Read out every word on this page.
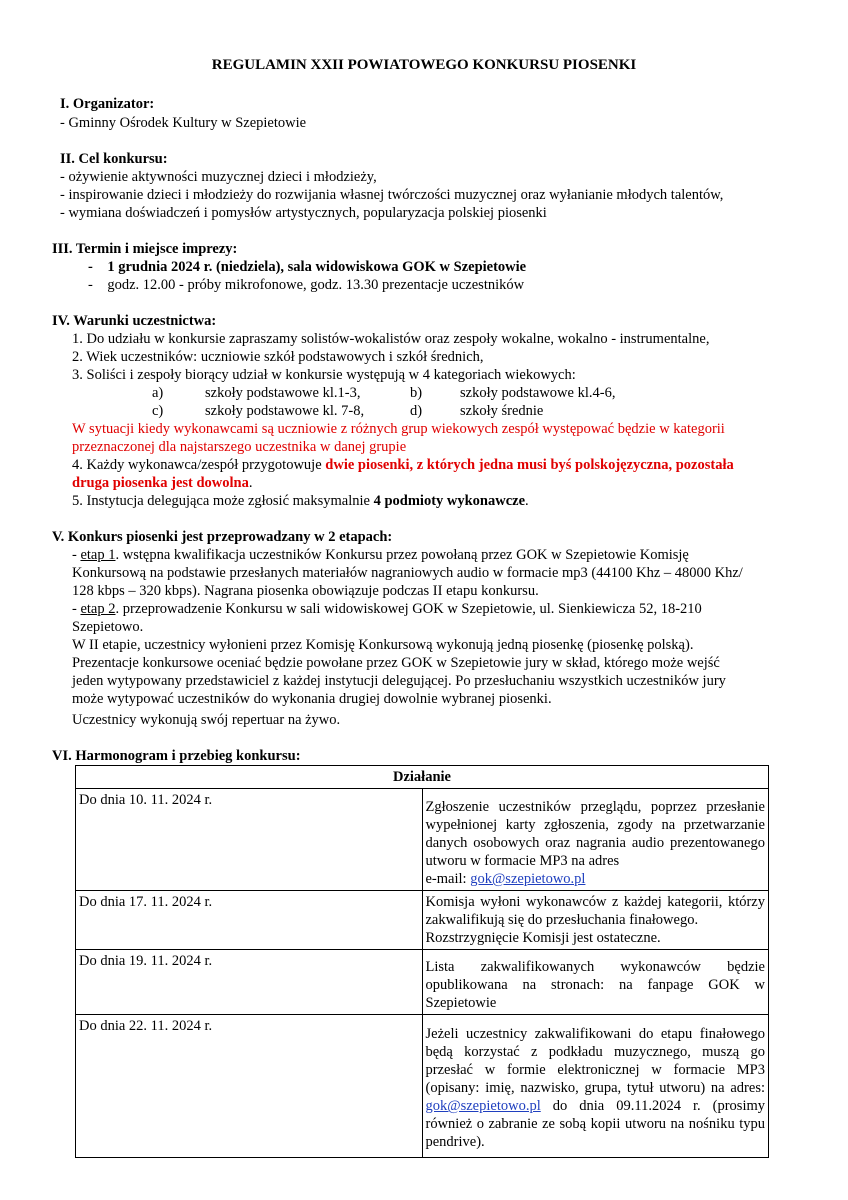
REGULAMIN XXII POWIATOWEGO KONKURSU PIOSENKI
I. Organizator:
- Gminny Ośrodek Kultury w Szepietowie
II. Cel konkursu:
- ożywienie aktywności muzycznej dzieci i młodzieży,
- inspirowanie dzieci i młodzieży do rozwijania własnej twórczości muzycznej oraz wyłanianie młodych talentów,
- wymiana doświadczeń i pomysłów artystycznych, popularyzacja polskiej piosenki
III. Termin i miejsce imprezy:
-    1 grudnia 2024 r. (niedziela), sala widowiskowa GOK w Szepietowie
-    godz. 12.00 - próby mikrofonowe, godz. 13.30 prezentacje uczestników
IV. Warunki uczestnictwa:
1. Do udziału w konkursie zapraszamy solistów-wokalistów oraz zespoły wokalne, wokalno - instrumentalne,
2. Wiek uczestników: uczniowie szkół podstawowych i szkół średnich,
3. Soliści i zespoły biorący udział w konkursie występują w 4 kategoriach wiekowych:
a)	szkoły podstawowe kl.1-3,	b)	szkoły podstawowe kl.4-6,
c)	szkoły podstawowe kl. 7-8,	d)	szkoły średnie
W sytuacji kiedy wykonawcami są uczniowie z różnych grup wiekowych zespół występować będzie w kategorii
przeznaczonej dla najstarszego uczestnika w danej grupie
4. Każdy wykonawca/zespół przygotowuje dwie piosenki, z których jedna musi byś polskojęzyczna, pozostała
druga piosenka jest dowolna.
5. Instytucja delegująca może zgłosić maksymalnie 4 podmioty wykonawcze.
V. Konkurs piosenki jest przeprowadzany w 2 etapach:
- etap 1. wstępna kwalifikacja uczestników Konkursu przez powołaną przez GOK w Szepietowie Komisję
Konkursową na podstawie przesłanych materiałów nagraniowych audio w formacie mp3 (44100 Khz – 48000 Khz/
128 kbps – 320 kbps). Nagrana piosenka obowiązuje podczas II etapu konkursu.
- etap 2. przeprowadzenie Konkursu w sali widowiskowej GOK w Szepietowie, ul. Sienkiewicza 52, 18-210
Szepietowo.
W II etapie, uczestnicy wyłonieni przez Komisję Konkursową wykonują jedną piosenkę (piosenkę polską).
Prezentacje konkursowe oceniać będzie powołane przez GOK w Szepietowie jury w skład, którego może wejść
jeden wytypowany przedstawiciel z każdej instytucji delegującej. Po przesłuchaniu wszystkich uczestników jury
może wytypować uczestników do wykonania drugiej dowolnie wybranej piosenki.
Uczestnicy wykonują swój repertuar na żywo.
VI. Harmonogram i przebieg konkursu:
Działanie	
Do dnia 10. 11. 2024 r.	Zgłoszenie uczestników przeglądu, poprzez przesłanie wypełnionej karty zgłoszenia, zgody na przetwarzanie danych osobowych oraz nagrania audio prezentowanego utworu w formacie MP3 na adres
e-mail: gok@szepietowo.pl

Do dnia 17. 11. 2024 r.	Komisja wyłoni wykonawców z każdej kategorii, którzy zakwalifikują się do przesłuchania finałowego.
Rozstrzygnięcie Komisji jest ostateczne.

Do dnia 19. 11. 2024 r.	Lista zakwalifikowanych wykonawców będzie opublikowana na stronach: na fanpage GOK w Szepietowie

Do dnia 22. 11. 2024 r.	Jeżeli uczestnicy zakwalifikowani do etapu finałowego będą korzystać z podkładu muzycznego, muszą go przesłać w formie elektronicznej w formacie MP3 (opisany: imię, nazwisko, grupa, tytuł utworu) na adres: gok@szepietowo.pl do dnia 09.11.2024 r. (prosimy również o zabranie ze sobą kopii utworu na nośniku typu pendrive).
